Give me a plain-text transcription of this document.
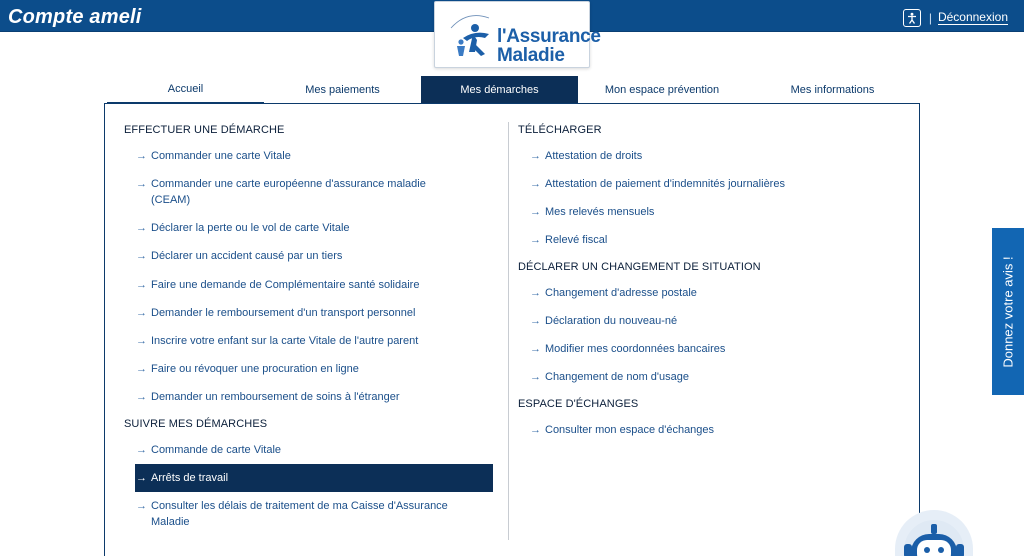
Compte ameli	| Déconnexion
l'Assurance
Maladie
Accueil	Mes paiements	Mes démarches	Mon espace prévention	Mes informations
EFFECTUER UNE DÉMARCHE
→ Commander une carte Vitale
→ Commander une carte européenne d'assurance maladie
(CEAM)
→ Déclarer la perte ou le vol de carte Vitale
→ Déclarer un accident causé par un tiers
→ Faire une demande de Complémentaire santé solidaire
→ Demander le remboursement d'un transport personnel
→ Inscrire votre enfant sur la carte Vitale de l'autre parent
→ Faire ou révoquer une procuration en ligne
→ Demander un remboursement de soins à l'étranger
SUIVRE MES DÉMARCHES
→ Commande de carte Vitale
→ Arrêts de travail
→ Consulter les délais de traitement de ma Caisse d'Assurance
Maladie
TÉLÉCHARGER
→ Attestation de droits
→ Attestation de paiement d'indemnités journalières
→ Mes relevés mensuels
→ Relevé fiscal
DÉCLARER UN CHANGEMENT DE SITUATION
→ Changement d'adresse postale
→ Déclaration du nouveau-né
→ Modifier mes coordonnées bancaires
→ Changement de nom d'usage
ESPACE D'ÉCHANGES
→ Consulter mon espace d'échanges
Donnez votre avis !
